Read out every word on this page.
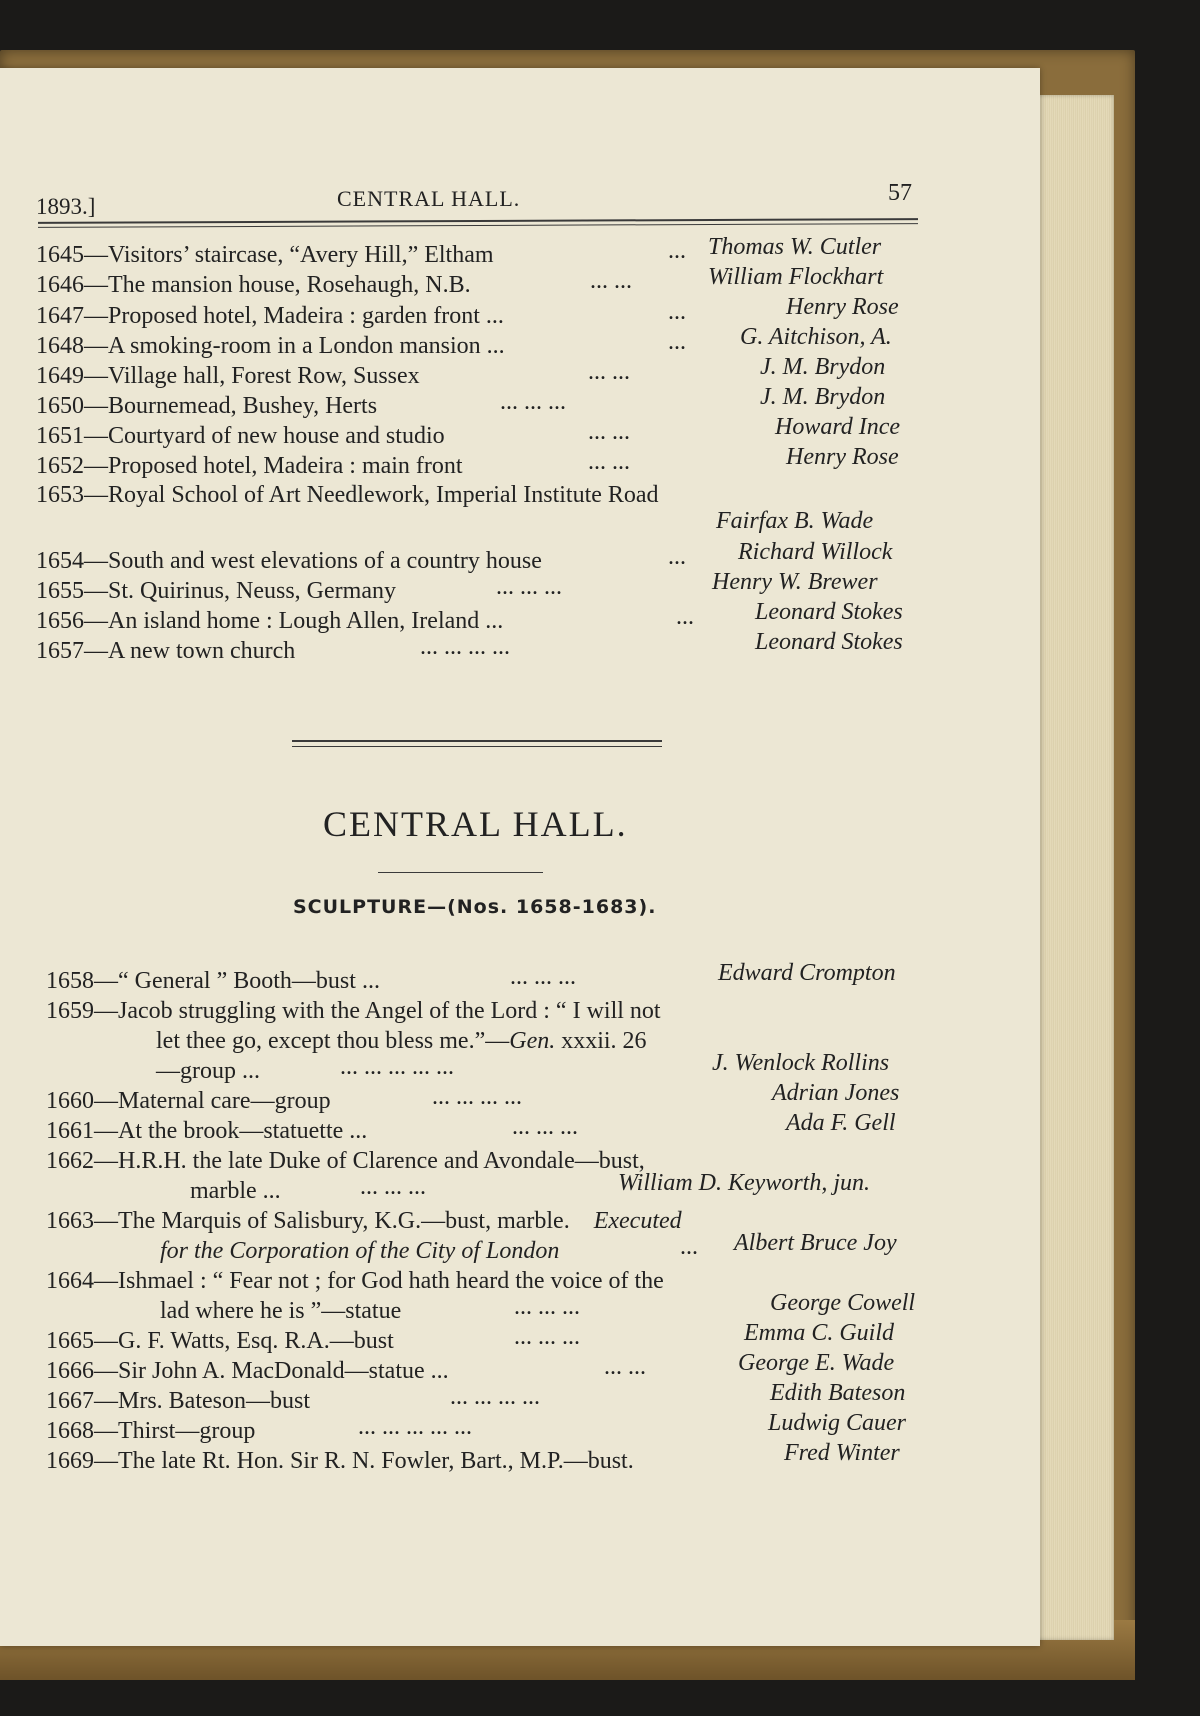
1893.]	CENTRAL HALL.	57
1645—Visitors’ staircase, “Avery Hill,” Eltham	... Thomas W. Cutler
1646—The mansion house, Rosehaugh, N.B.	... ...	William Flockhart
1647—Proposed hotel, Madeira : garden front ...	...	Henry Rose
1648—A smoking-room in a London mansion ...	... G. Aitchison, A.
1649—Village hall, Forest Row, Sussex	... ...	J. M. Brydon
1650—Bournemead, Bushey, Herts	... ... ...	J. M. Brydon
1651—Courtyard of new house and studio	... ...	Howard Ince
1652—Proposed hotel, Madeira : main front	... ...	Henry Rose
1653—Royal School of Art Needlework, Imperial Institute Road
Fairfax B. Wade
1654—South and west elevations of a country house	... Richard Willock
1655—St. Quirinus, Neuss, Germany	... ... ...	Henry W. Brewer
1656—An island home : Lough Allen, Ireland ...	...	Leonard Stokes
1657—A new town church	... ... ... ...	Leonard Stokes
CENTRAL HALL.
SCULPTURE—(Nos. 1658-1683).
1658—“ General ” Booth—bust ...	... ... ...	Edward Crompton
1659—Jacob struggling with the Angel of the Lord : “ I will not
let thee go, except thou bless me.”—Gen. xxxii. 26
—group ...	... ... ... ... ...	J. Wenlock Rollins
1660—Maternal care—group	... ... ... ...	Adrian Jones
1661—At the brook—statuette ...	... ... ...	Ada F. Gell
1662—H.R.H. the late Duke of Clarence and Avondale—bust,
marble ...	... ... ...	William D. Keyworth, jun.
1663—The Marquis of Salisbury, K.G.—bust, marble. Executed
for the Corporation of the City of London	... Albert Bruce Joy
1664—Ishmael : “ Fear not ; for God hath heard the voice of the
lad where he is ”—statue	... ... ...	George Cowell
1665—G. F. Watts, Esq. R.A.—bust	... ... ...	Emma C. Guild
1666—Sir John A. MacDonald—statue ...	... ...	George E. Wade
1667—Mrs. Bateson—bust	... ... ... ...	Edith Bateson
1668—Thirst—group	... ... ... ... ...	Ludwig Cauer
1669—The late Rt. Hon. Sir R. N. Fowler, Bart., M.P.—bust.	Fred Winter
